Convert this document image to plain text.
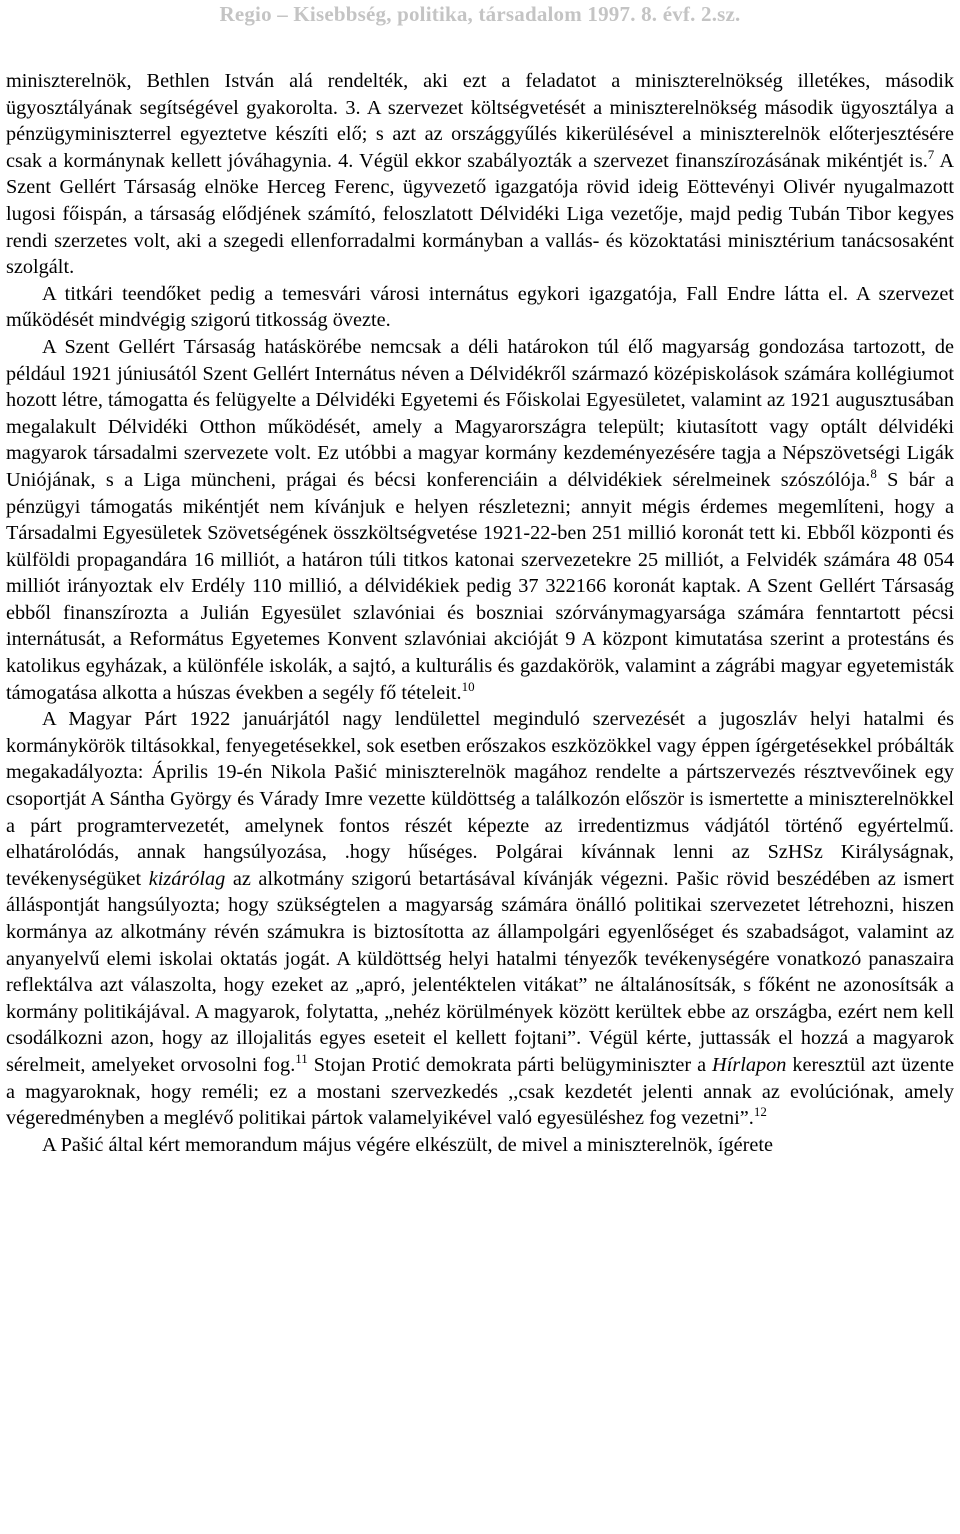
Regio – Kisebbség, politika, társadalom 1997. 8. évf. 2.sz.

miniszterelnök, Bethlen István alá rendelték, aki ezt a feladatot a miniszterelnökség illetékes, második ügyosztályának segítségével gyakorolta. 3. A szervezet költségvetését a miniszterelnökség második ügyosztálya a pénzügyminiszterrel egyeztetve készíti elő; s azt az országgyűlés kikerülésével a miniszterelnök előterjesztésére csak a kormánynak kellett jóváhagynia. 4. Végül ekkor szabályozták a szervezet finanszírozásának mikéntjét is.$^7$ A Szent Gellért Társaság elnöke Herceg Ferenc, ügyvezető igazgatója rövid ideig Eöttevényi Olivér nyugalmazott lugosi főispán, a társaság elődjének számító, feloszlatott Délvidéki Liga vezetője, majd pedig Tubán Tibor kegyes rendi szerzetes volt, aki a szegedi ellenforradalmi kormányban a vallás- és közoktatási minisztérium tanácsosaként szolgált.

A titkári teendőket pedig a temesvári városi internátus egykori igazgatója, Fall Endre látta el. A szervezet működését mindvégig szigorú titkosság övezte.

A Szent Gellért Társaság hatáskörébe nemcsak a déli határokon túl élő magyarság gondozása tartozott, de például 1921 júniusától Szent Gellért Internátus néven a Délvidékről származó középiskolások számára kollégiumot hozott létre, támogatta és felügyelte a Délvidéki Egyetemi és Főiskolai Egyesületet, valamint az 1921 augusztusában megalakult Délvidéki Otthon működését, amely a Magyarországra települt; kiutasított vagy optált délvidéki magyarok társadalmi szervezete volt. Ez utóbbi a magyar kormány kezdeményezésére tagja a Népszövetségi Ligák Uniójának, s a Liga müncheni, prágai és bécsi konferenciáin a délvidékiek sérelmeinek szószólója.$^8$ S bár a pénzügyi támogatás mikéntjét nem kívánjuk e helyen részletezni; annyit mégis érdemes megemlíteni, hogy a Társadalmi Egyesületek Szövetségének összköltségvetése 1921-22-ben 251 millió koronát tett ki. Ebből központi és külföldi propagandára 16 milliót, a határon túli titkos katonai szervezetekre 25 milliót, a Felvidék számára 48 054 milliót irányoztak elv Erdély 110 millió, a délvidékiek pedig 37 322166 koronát kaptak. A Szent Gellért Társaság ebből finanszírozta a Julián Egyesület szlavóniai és boszniai szórványmagyarsága számára fenntartott pécsi internátusát, a Református Egyetemes Konvent szlavóniai akcióját 9 A központ kimutatása szerint a protestáns és katolikus egyházak, a különféle iskolák, a sajtó, a kulturális és gazdakörök, valamint a zágrábi magyar egyetemisták támogatása alkotta a húszas években a segély fő tételeit.$^{10}$

A Magyar Párt 1922 januárjától nagy lendülettel meginduló szervezését a jugoszláv helyi hatalmi és kormánykörök tiltásokkal, fenyegetésekkel, sok esetben erőszakos eszközökkel vagy éppen ígérgetésekkel próbálták megakadályozta: Április 19-én Nikola Pašić miniszterelnök magához rendelte a pártszervezés résztvevőinek egy csoportját A Sántha György és Várady Imre vezette küldöttség a találkozón először is ismertette a miniszterelnökkel a párt programtervezetét, amelynek fontos részét képezte az irredentizmus vádjától történő egyértelmű. elhatárolódás, annak hangsúlyozása, .hogy hűséges. Polgárai kívánnak lenni az SzHSz Királyságnak, tevékenységüket kizárólag az alkotmány szigorú betartásával kívánják végezni. Pašic rövid beszédében az ismert álláspontját hangsúlyozta; hogy szükségtelen a magyarság számára önálló politikai szervezetet létrehozni, hiszen kormánya az alkotmány révén számukra is biztosította az állampolgári egyenlőséget és szabadságot, valamint az anyanyelvű elemi iskolai oktatás jogát. A küldöttség helyi hatalmi tényezők tevékenységére vonatkozó panaszaira reflektálva azt válaszolta, hogy ezeket az „apró, jelentéktelen vitákat” ne általánosítsák, s főként ne azonosítsák a kormány politikájával. A magyarok, folytatta, „nehéz körülmények között kerültek ebbe az országba, ezért nem kell csodálkozni azon, hogy az illojalitás egyes eseteit el kellett fojtani”. Végül kérte, juttassák el hozzá a magyarok sérelmeit, amelyeket orvosolni fog.$^{11}$ Stojan Protić demokrata párti belügyminiszter a Hírlapon keresztül azt üzente a magyaroknak, hogy reméli; ez a mostani szervezkedés ,,csak kezdetét jelenti annak az evolúciónak, amely végeredményben a meglévő politikai pártok valamelyikével való egyesüléshez fog vezetni”.$^{12}$

A Pašić által kért memorandum május végére elkészült, de mivel a miniszterelnök, ígérete
